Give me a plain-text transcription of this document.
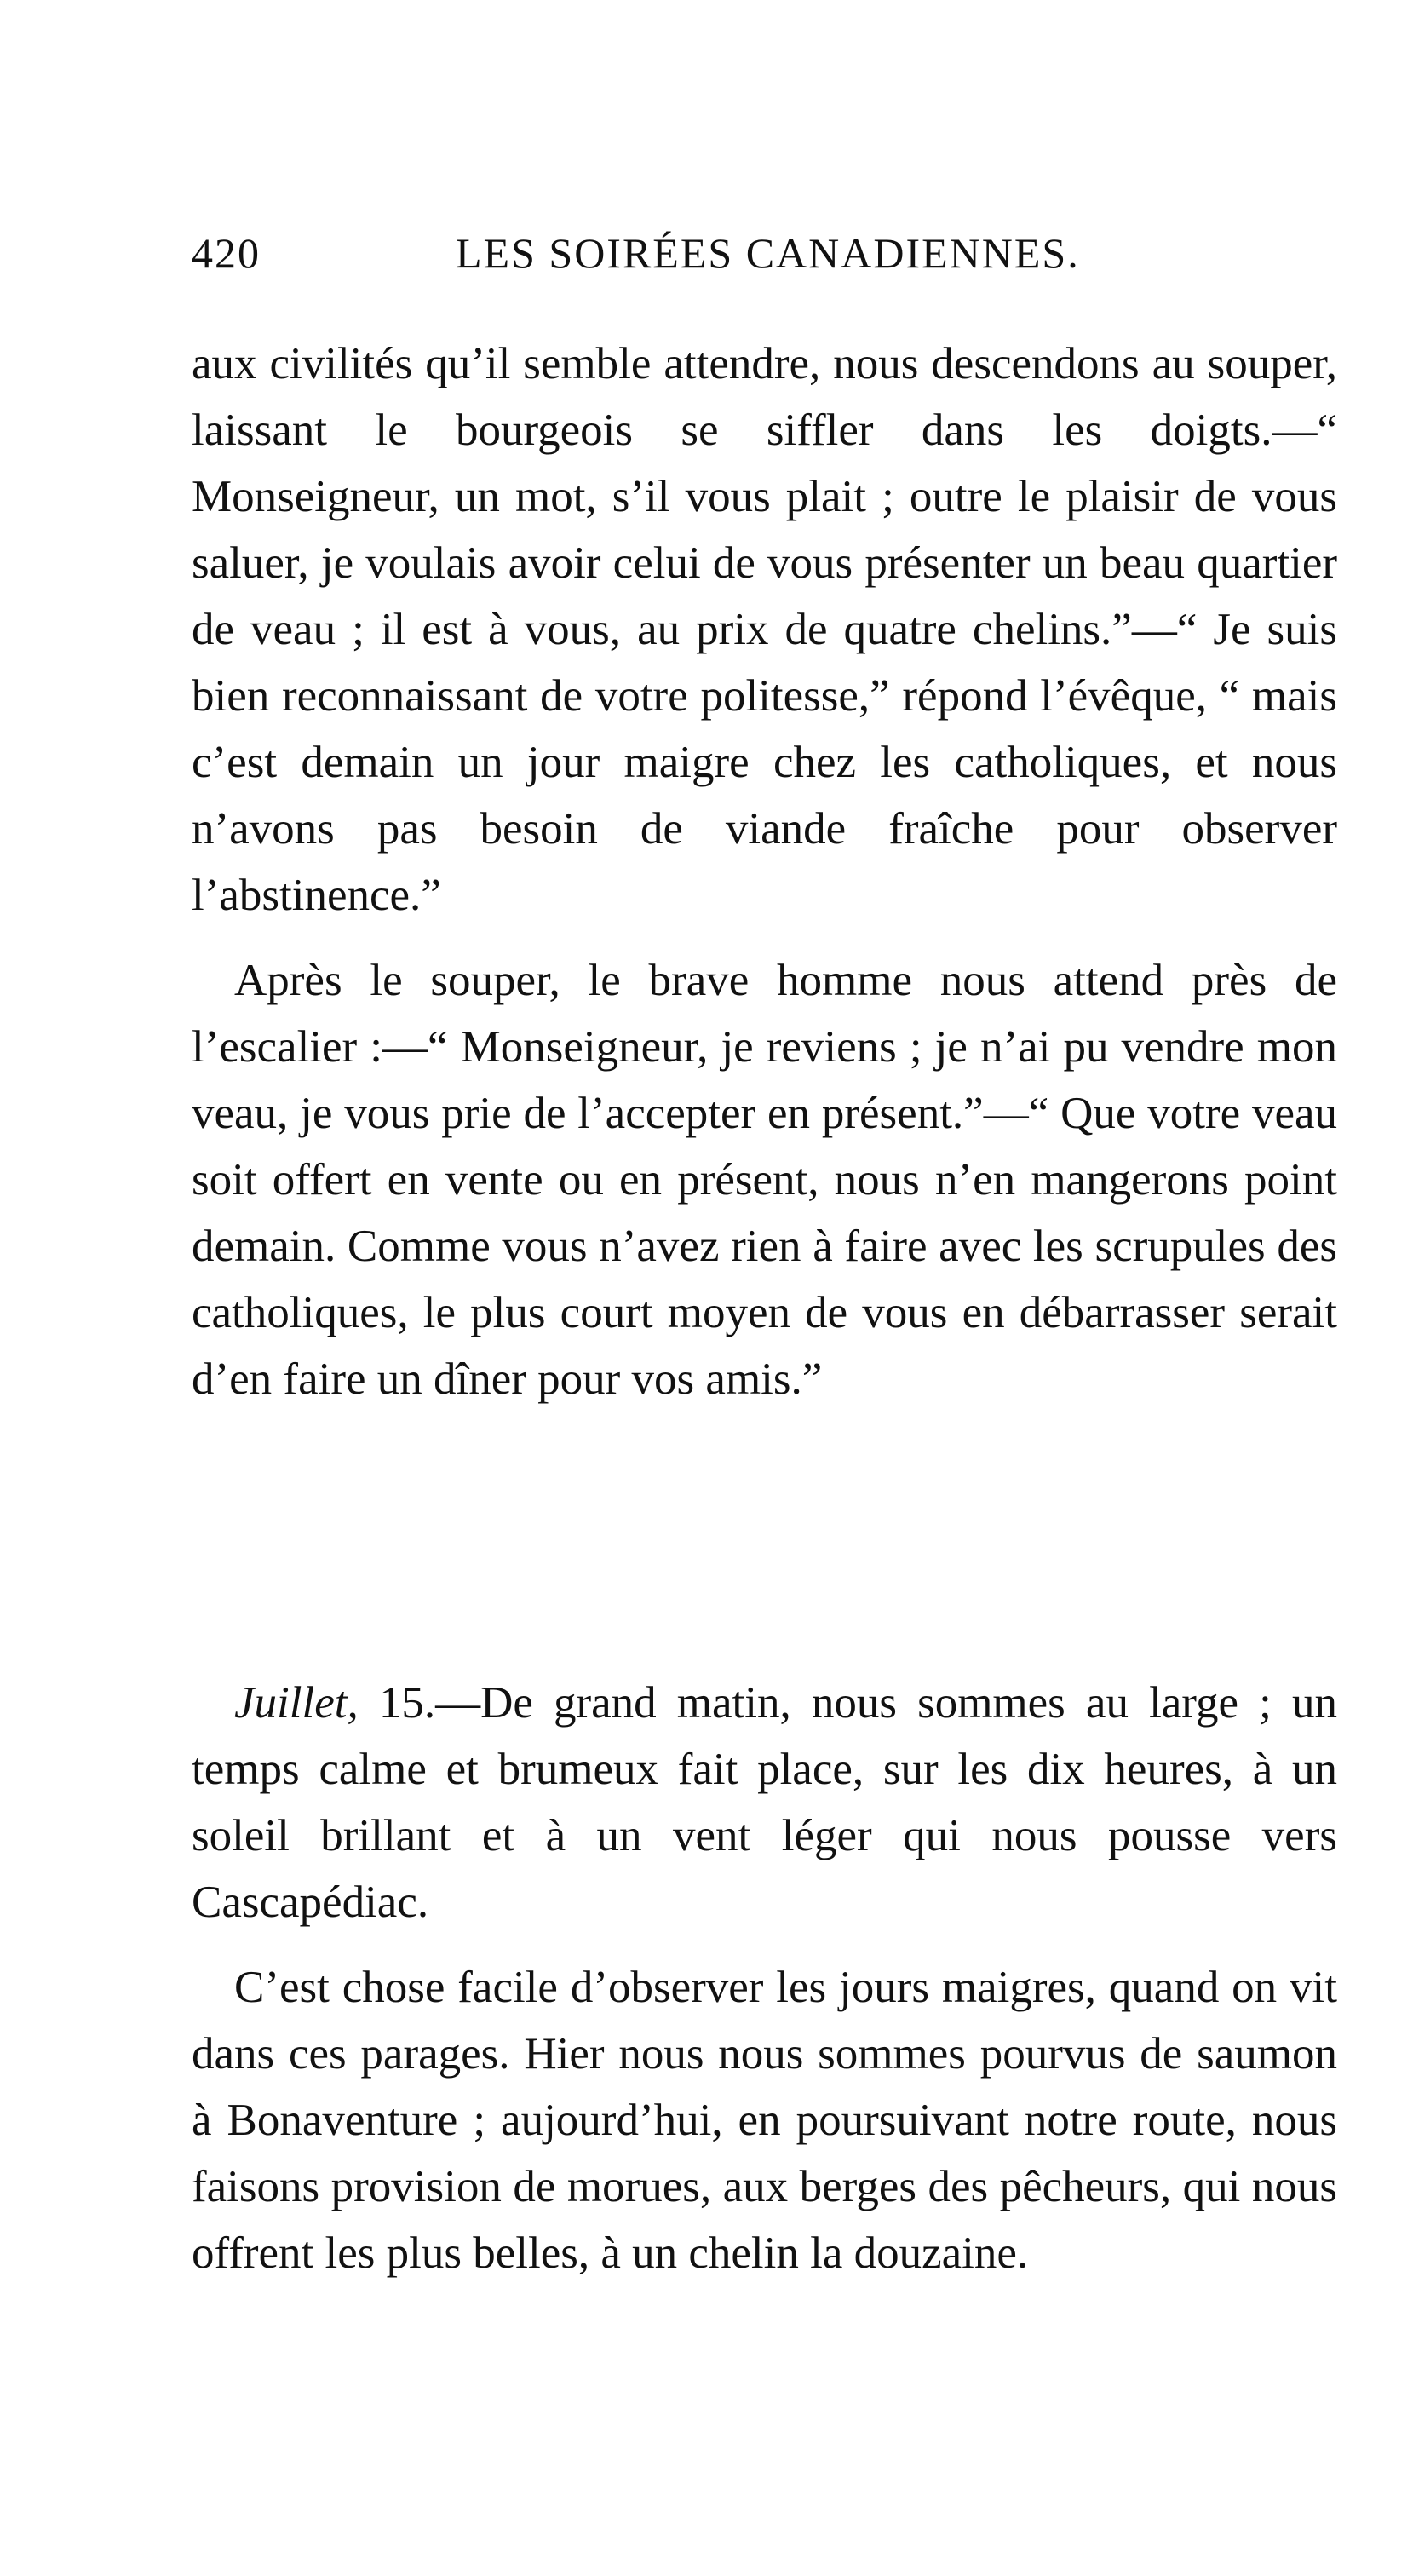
420	LES SOIRÉES CANADIENNES.

aux civilités qu’il semble attendre, nous descendons au souper, laissant le bourgeois se siffler dans les doigts.—“ Monseigneur, un mot, s’il vous plait ; outre le plaisir de vous saluer, je voulais avoir celui de vous présenter un beau quartier de veau ; il est à vous, au prix de quatre chelins.”—“ Je suis bien reconnaissant de votre politesse,” répond l’évêque, “ mais c’est demain un jour maigre chez les catholiques, et nous n’avons pas besoin de viande fraîche pour observer l’abstinence.”

Après le souper, le brave homme nous attend près de l’escalier :—“ Monseigneur, je reviens ; je n’ai pu vendre mon veau, je vous prie de l’accepter en présent.”—“ Que votre veau soit offert en vente ou en présent, nous n’en mangerons point demain. Comme vous n’avez rien à faire avec les scrupules des catholiques, le plus court moyen de vous en débarrasser serait d’en faire un dîner pour vos amis.”

Juillet, 15.—De grand matin, nous sommes au large ; un temps calme et brumeux fait place, sur les dix heures, à un soleil brillant et à un vent léger qui nous pousse vers Cascapédiac.

C’est chose facile d’observer les jours maigres, quand on vit dans ces parages. Hier nous nous sommes pourvus de saumon à Bonaventure ; aujourd’hui, en poursuivant notre route, nous faisons provision de morues, aux berges des pêcheurs, qui nous offrent les plus belles, à un chelin la douzaine.
